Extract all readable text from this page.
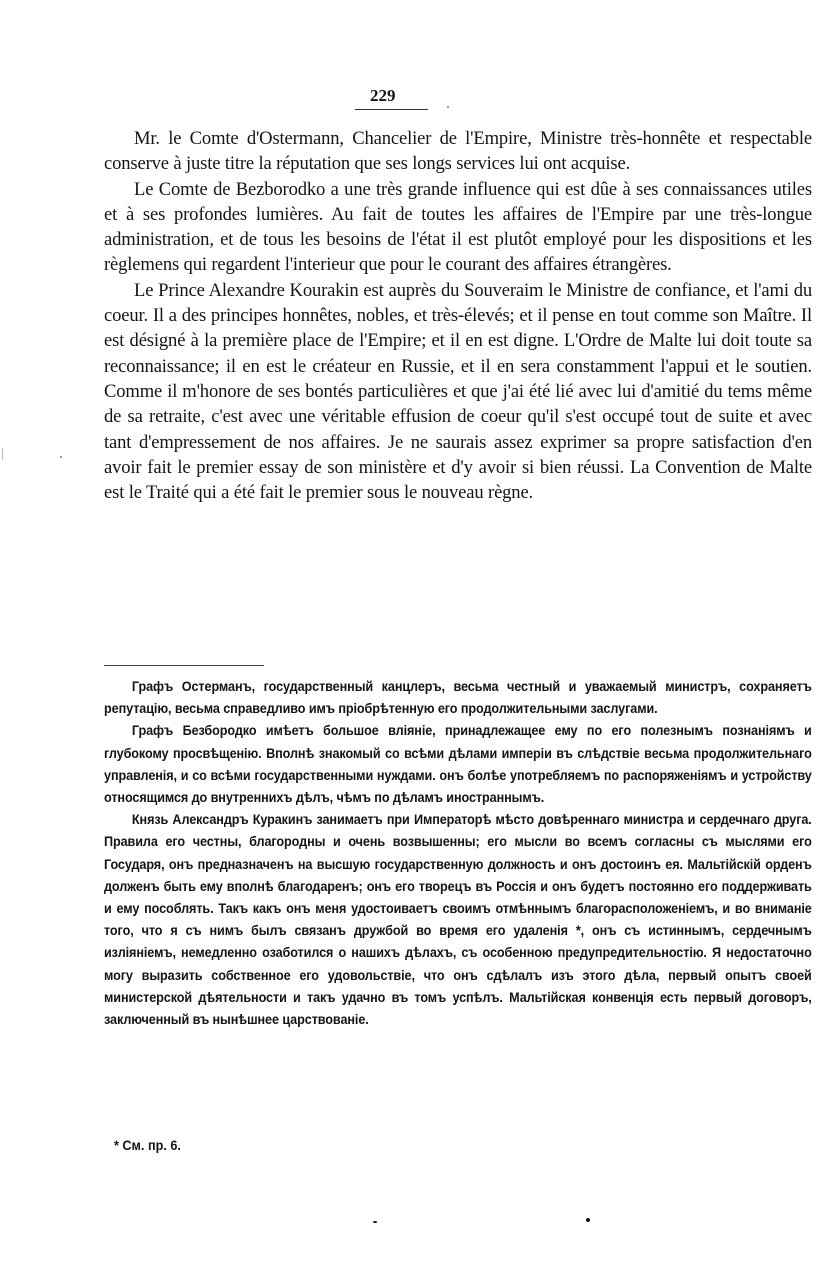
229

Mr. le Comte d'Ostermann, Chancelier de l'Empire, Ministre très-honnête et respectable conserve à juste titre la réputation que ses longs services lui ont acquise.

Le Comte de Bezborodko a une très grande influence qui est dûe à ses connaissances utiles et à ses profondes lumières. Au fait de toutes les affaires de l'Empire par une très-longue administration, et de tous les besoins de l'état il est plutôt employé pour les dispositions et les règlemens qui regardent l'interieur que pour le courant des affaires étrangères.

Le Prince Alexandre Kourakin est auprès du Souveraim le Ministre de confiance, et l'ami du coeur. Il a des principes honnêtes, nobles, et très-élevés; et il pense en tout comme son Maître. Il est désigné à la première place de l'Empire; et il en est digne. L'Ordre de Malte lui doit toute sa reconnaissance; il en est le créateur en Russie, et il en sera constamment l'appui et le soutien. Comme il m'honore de ses bontés particulières et que j'ai été lié avec lui d'amitié du tems même de sa retraite, c'est avec une véritable effusion de coeur qu'il s'est occupé tout de suite et avec tant d'empressement de nos affaires. Je ne saurais assez exprimer sa propre satisfaction d'en avoir fait le premier essay de son ministère et d'y avoir si bien réussi. La Convention de Malte est le Traité qui a été fait le premier sous le nouveau règne.

Графъ Остерманъ, государственный канцлеръ, весьма честный и уважаемый министръ, сохраняетъ репутацію, весьма справедливо имъ пріобрѣтенную его продолжительными заслугами.

Графъ Безбородко имѣетъ большое вліяніе, принадлежащее ему по его полезнымъ познаніямъ и глубокому просвѣщенію. Вполнѣ знакомый со всѣми дѣлами имперіи въ слѣдствіе весьма продолжительнаго управленія, и со всѣми государственными нуждами. онъ болѣе употребляемъ по распоряженіямъ и устройству относящимся до внутреннихъ дѣлъ, чѣмъ по дѣламъ иностраннымъ.

Князь Александръ Куракинъ занимаетъ при Императорѣ мѣсто довѣреннаго министра и сердечнаго друга. Правила его честны, благородны и очень возвышенны; его мысли во всемъ согласны съ мыслями его Государя, онъ предназначенъ на высшую государственную должность и онъ достоинъ ея. Мальтійскій орденъ долженъ быть ему вполнѣ благодаренъ; онъ его творецъ въ Россія и онъ будетъ постоянно его поддерживать и ему пособлять. Такъ какъ онъ меня удостоиваетъ своимъ отмѣннымъ благорасположеніемъ, и во вниманіе того, что я съ нимъ былъ связанъ дружбой во время его удаленія *, онъ съ истиннымъ, сердечнымъ изліяніемъ, немедленно озаботился о нашихъ дѣлахъ, съ особенною предупредительностію. Я недостаточно могу выразить собственное его удовольствіе, что онъ сдѣлалъ изъ этого дѣла, первый опытъ своей министерской дѣятельности и такъ удачно въ томъ успѣлъ. Мальтійская конвенція есть первый договоръ, заключенный въ нынѣшнее царствованіе.

* См. пр. 6.
